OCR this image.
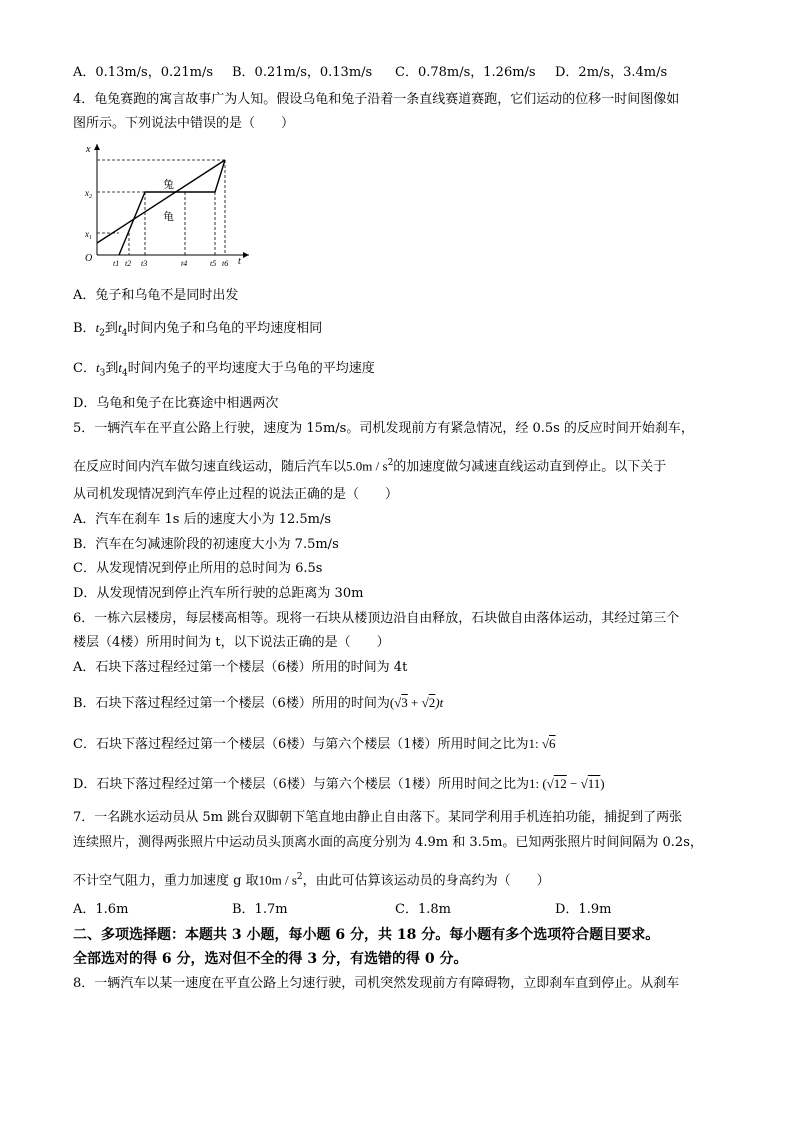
A．0.13m/s，0.21m/s B．0.21m/s，0.13m/s C．0.78m/s，1.26m/s D．2m/s，3.4m/s
4．龟兔赛跑的寓言故事广为人知。假设乌龟和兔子沿着一条直线赛道赛跑，它们运动的位移一时间图像如
图所示。下列说法中错误的是（　　）
x
t
O
$x_2$
$x_1$
t1 t2 t3	t4	t5 t6
兔
龟
A．兔子和乌龟不是同时出发
B．$t_2$到$t_4$时间内兔子和乌龟的平均速度相同
C．$t_3$到$t_4$时间内兔子的平均速度大于乌龟的平均速度
D．乌龟和兔子在比赛途中相遇两次
5．一辆汽车在平直公路上行驶，速度为 15m/s。司机发现前方有紧急情况，经 0.5s 的反应时间开始刹车，
在反应时间内汽车做匀速直线运动，随后汽车以$5.0m / s^2$的加速度做匀减速直线运动直到停止。以下关于
从司机发现情况到汽车停止过程的说法正确的是（　　）
A．汽车在刹车 1s 后的速度大小为 12.5m/s
B．汽车在匀减速阶段的初速度大小为 7.5m/s
C．从发现情况到停止所用的总时间为 6.5s
D．从发现情况到停止汽车所行驶的总距离为 30m
6．一栋六层楼房，每层楼高相等。现将一石块从楼顶边沿自由释放，石块做自由落体运动，其经过第三个
楼层（4楼）所用时间为 t，以下说法正确的是（　　）
A．石块下落过程经过第一个楼层（6楼）所用的时间为 4t
B．石块下落过程经过第一个楼层（6楼）所用的时间为(√3 + √2)t
C．石块下落过程经过第一个楼层（6楼）与第六个楼层（1楼）所用时间之比为1: √6
D．石块下落过程经过第一个楼层（6楼）与第六个楼层（1楼）所用时间之比为1: (√12 − √11)
7．一名跳水运动员从 5m 跳台双脚朝下笔直地由静止自由落下。某同学利用手机连拍功能，捕捉到了两张
连续照片，测得两张照片中运动员头顶离水面的高度分别为 4.9m 和 3.5m。已知两张照片时间间隔为 0.2s，
不计空气阻力，重力加速度 g 取$10m / s^2$，由此可估算该运动员的身高约为（　　）
A．1.6m	B．1.7m	C．1.8m	D．1.9m
二、多项选择题：本题共 3 小题，每小题 6 分，共 18 分。每小题有多个选项符合题目要求。
全部选对的得 6 分，选对但不全的得 3 分，有选错的得 0 分。
8．一辆汽车以某一速度在平直公路上匀速行驶，司机突然发现前方有障碍物，立即刹车直到停止。从刹车
